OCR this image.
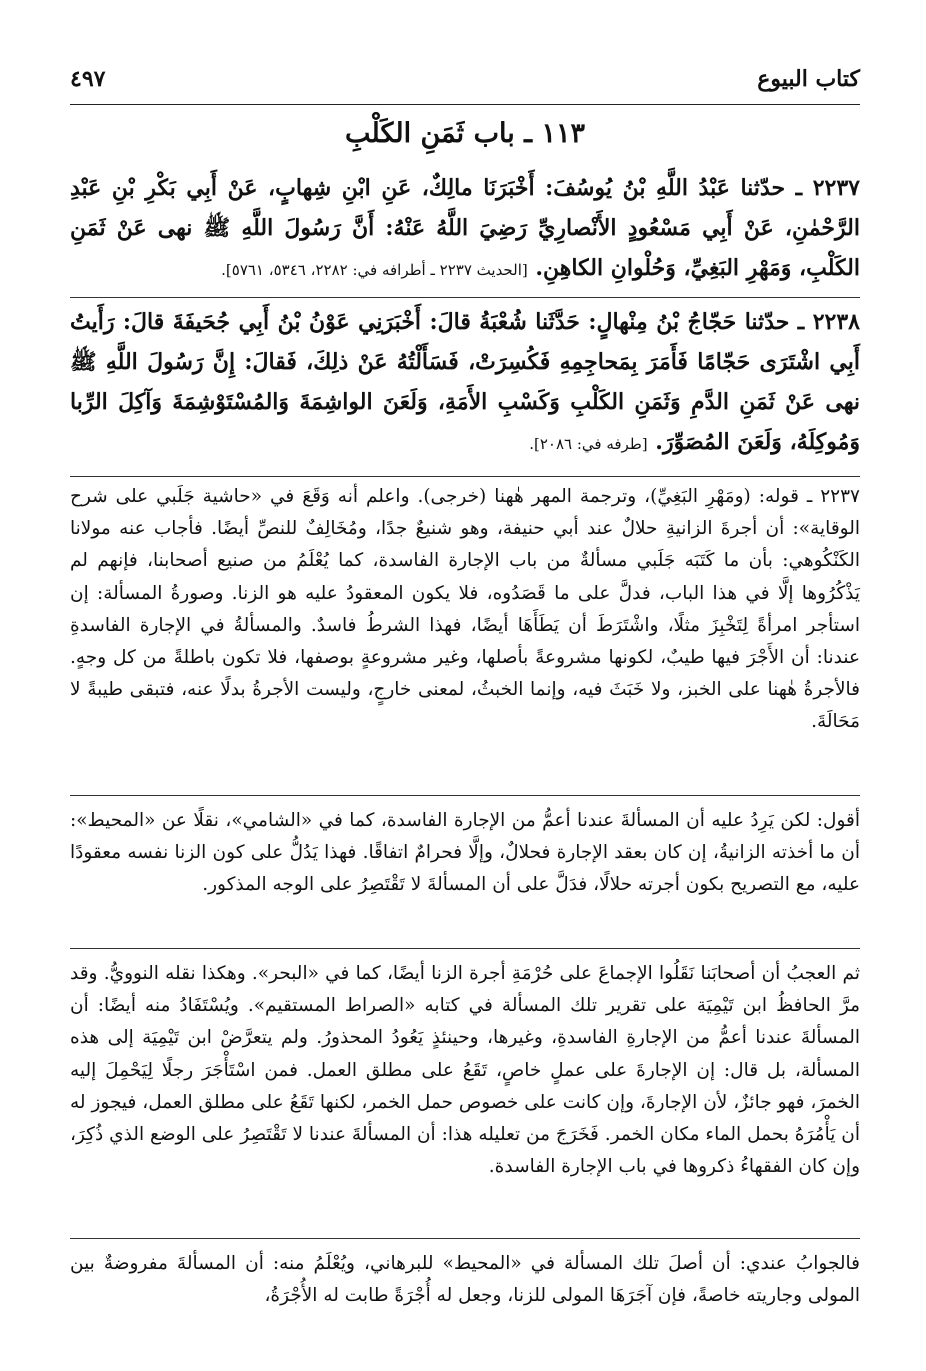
كتاب البيوع
٤٩٧
١١٣ ـ باب ثَمَنِ الكَلْبِ
٢٢٣٧ ـ حدّثنا عَبْدُ اللَّهِ بْنُ يُوسُفَ: أَخْبَرَنَا مالِكٌ، عَنِ ابْنِ شِهابٍ، عَنْ أَبِي بَكْرِ بْنِ عَبْدِ الرَّحْمٰنِ، عَنْ أَبِي مَسْعُودٍ الأَنْصارِيِّ رَضِيَ اللَّهُ عَنْهُ: أَنَّ رَسُولَ اللَّهِ ﷺ نهى عَنْ ثَمَنِ الكَلْبِ، وَمَهْرِ البَغِيِّ، وَحُلْوانِ الكاهِنِ. [الحديث ٢٢٣٧ ـ أطرافه في: ٢٢٨٢، ٥٣٤٦، ٥٧٦١].
٢٢٣٨ ـ حدّثنا حَجّاجُ بْنُ مِنْهالٍ: حَدَّثَنا شُعْبَةُ قالَ: أَخْبَرَنِي عَوْنُ بْنُ أَبِي جُحَيفَةَ قالَ: رَأَيتُ أَبِي اشْتَرَى حَجّامًا فَأَمَرَ بِمَحاجِمِهِ فَكُسِرَتْ، فَسَأَلْتُهُ عَنْ ذلِكَ، فَقالَ: إِنَّ رَسُولَ اللَّهِ ﷺ نهى عَنْ ثَمَنِ الدَّمِ وَثَمَنِ الكَلْبِ وَكَسْبِ الأَمَةِ، وَلَعَنَ الواشِمَةَ وَالمُسْتَوْشِمَةَ وَآكِلَ الرِّبا وَمُوكِلَهُ، وَلَعَنَ المُصَوِّرَ. [طرفه في: ٢٠٨٦].
٢٢٣٧ ـ قوله: (ومَهْرِ البَغِيِّ)، وترجمة المهر هٰهنا (خرجى). واعلم أنه وَقَعَ في «حاشية جَلَبي على شرح الوقاية»: أن أجرةَ الزانيةِ حلالٌ عند أبي حنيفة، وهو شنيعٌ جدًا، ومُخَالِفٌ للنصِّ أيضًا. فأجاب عنه مولانا الكَنْكُوهي: بأن ما كَتَبَه جَلَبي مسألةٌ من باب الإجارة الفاسدة، كما يُعْلَمُ من صنيع أصحابنا، فإنهم لم يَذْكُرُوها إلَّا في هذا الباب، فدلَّ على ما قَصَدُوه، فلا يكون المعقودُ عليه هو الزنا. وصورةُ المسألة: إن استأجر امرأةً لِتَخْبِزَ مثلًا، واشْتَرَطَ أن يَطَأَهَا أيضًا، فهذا الشرطُ فاسدٌ. والمسألةُ في الإجارة الفاسدةِ عندنا: أن الأَجْرَ فيها طيبٌ، لكونها مشروعةً بأصلها، وغير مشروعةٍ بوصفها، فلا تكون باطلةً من كل وجهٍ. فالأجرةُ هٰهنا على الخبز، ولا خَبَثَ فيه، وإنما الخبثُ، لمعنى خارجٍ، وليست الأجرةُ بدلًا عنه، فتبقى طيبةً لا مَحَالَةَ.
أقول: لكن يَرِدُ عليه أن المسألةَ عندنا أعمُّ من الإجارة الفاسدة، كما في «الشامي»، نقلًا عن «المحيط»: أن ما أخذته الزانيةُ، إن كان بعقد الإجارة فحلالٌ، وإلَّا فحرامٌ اتفاقًا. فهذا يَدُلُّ على كون الزنا نفسه معقودًا عليه، مع التصريح بكون أجرته حلالًا، فدَلَّ على أن المسألةَ لا تَقْتَصِرُ على الوجه المذكور.
ثم العجبُ أن أصحابَنا نَقَلُوا الإجماعَ على حُرْمَةِ أجرة الزنا أيضًا، كما في «البحر». وهكذا نقله النوويُّ. وقد مرَّ الحافظُ ابن تَيْمِيَة على تقرير تلك المسألة في كتابه «الصراط المستقيم». ويُسْتَفَادُ منه أيضًا: أن المسألةَ عندنا أعمُّ من الإجارةِ الفاسدةِ، وغيرها، وحينئذٍ يَعُودُ المحذورُ. ولم يتعرَّضْ ابن تَيْمِيَة إلى هذه المسألة، بل قال: إن الإجارةَ على عملٍ خاصٍ، تَقَعُ على مطلق العمل. فمن اسْتَأْجَرَ رجلًا لِيَحْمِلَ إليه الخمرَ، فهو جائزٌ، لأن الإجارةَ، وإن كانت على خصوص حمل الخمر، لكنها تَقَعُ على مطلق العمل، فيجوز له أن يَأْمُرَهُ بحمل الماء مكان الخمر. فَخَرَجَ من تعليله هذا: أن المسألةَ عندنا لا تَقْتَصِرُ على الوضع الذي ذُكِرَ، وإن كان الفقهاءُ ذكروها في باب الإجارة الفاسدة.
فالجوابُ عندي: أن أصلَ تلك المسألة في «المحيط» للبرهاني، ويُعْلَمُ منه: أن المسألةَ مفروضةٌ بين المولى وجاريته خاصةً، فإن آجَرَهَا المولى للزنا، وجعل له أُجْرَةً طابت له الأُجْرَةُ،
